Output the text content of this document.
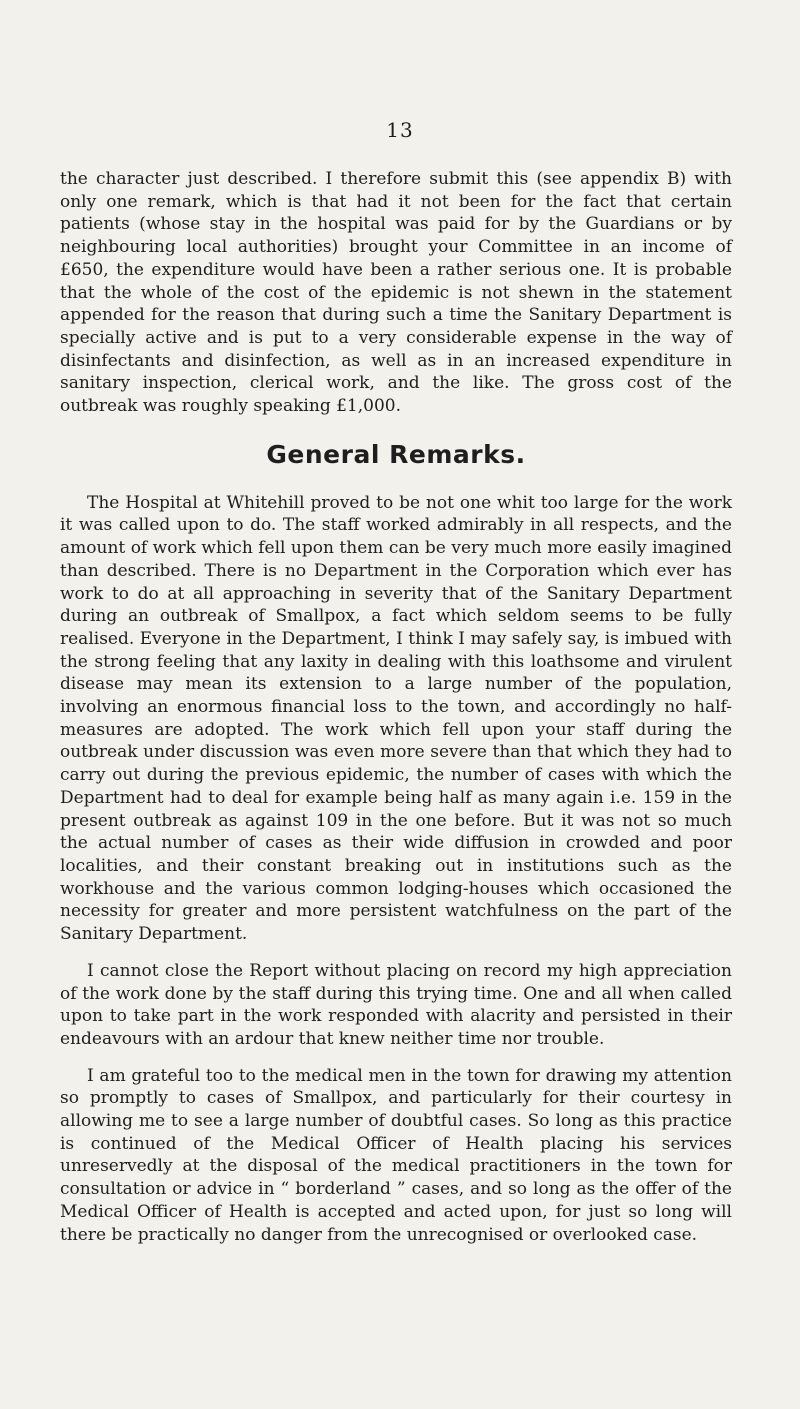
13

the character just described. I therefore submit this (see appendix B) with only one remark, which is that had it not been for the fact that certain patients (whose stay in the hospital was paid for by the Guardians or by neighbouring local authorities) brought your Committee in an income of £650, the expenditure would have been a rather serious one. It is probable that the whole of the cost of the epidemic is not shewn in the statement appended for the reason that during such a time the Sanitary Department is specially active and is put to a very considerable expense in the way of disinfectants and disinfection, as well as in an increased expenditure in sanitary inspection, clerical work, and the like. The gross cost of the outbreak was roughly speaking £1,000.

General Remarks.

The Hospital at Whitehill proved to be not one whit too large for the work it was called upon to do. The staff worked admirably in all respects, and the amount of work which fell upon them can be very much more easily imagined than described. There is no Department in the Corporation which ever has work to do at all approaching in severity that of the Sanitary Department during an outbreak of Smallpox, a fact which seldom seems to be fully realised. Everyone in the Department, I think I may safely say, is imbued with the strong feeling that any laxity in dealing with this loathsome and virulent disease may mean its extension to a large number of the population, involving an enormous financial loss to the town, and accordingly no half-measures are adopted. The work which fell upon your staff during the outbreak under discussion was even more severe than that which they had to carry out during the previous epidemic, the number of cases with which the Department had to deal for example being half as many again i.e. 159 in the present outbreak as against 109 in the one before. But it was not so much the actual number of cases as their wide diffusion in crowded and poor localities, and their constant breaking out in institutions such as the workhouse and the various common lodging-houses which occasioned the necessity for greater and more persistent watchfulness on the part of the Sanitary Department.

I cannot close the Report without placing on record my high appreciation of the work done by the staff during this trying time. One and all when called upon to take part in the work responded with alacrity and persisted in their endeavours with an ardour that knew neither time nor trouble.

I am grateful too to the medical men in the town for drawing my attention so promptly to cases of Smallpox, and particularly for their courtesy in allowing me to see a large number of doubtful cases. So long as this practice is continued of the Medical Officer of Health placing his services unreservedly at the disposal of the medical practitioners in the town for consultation or advice in “ borderland ” cases, and so long as the offer of the Medical Officer of Health is accepted and acted upon, for just so long will there be practically no danger from the unrecognised or overlooked case.
